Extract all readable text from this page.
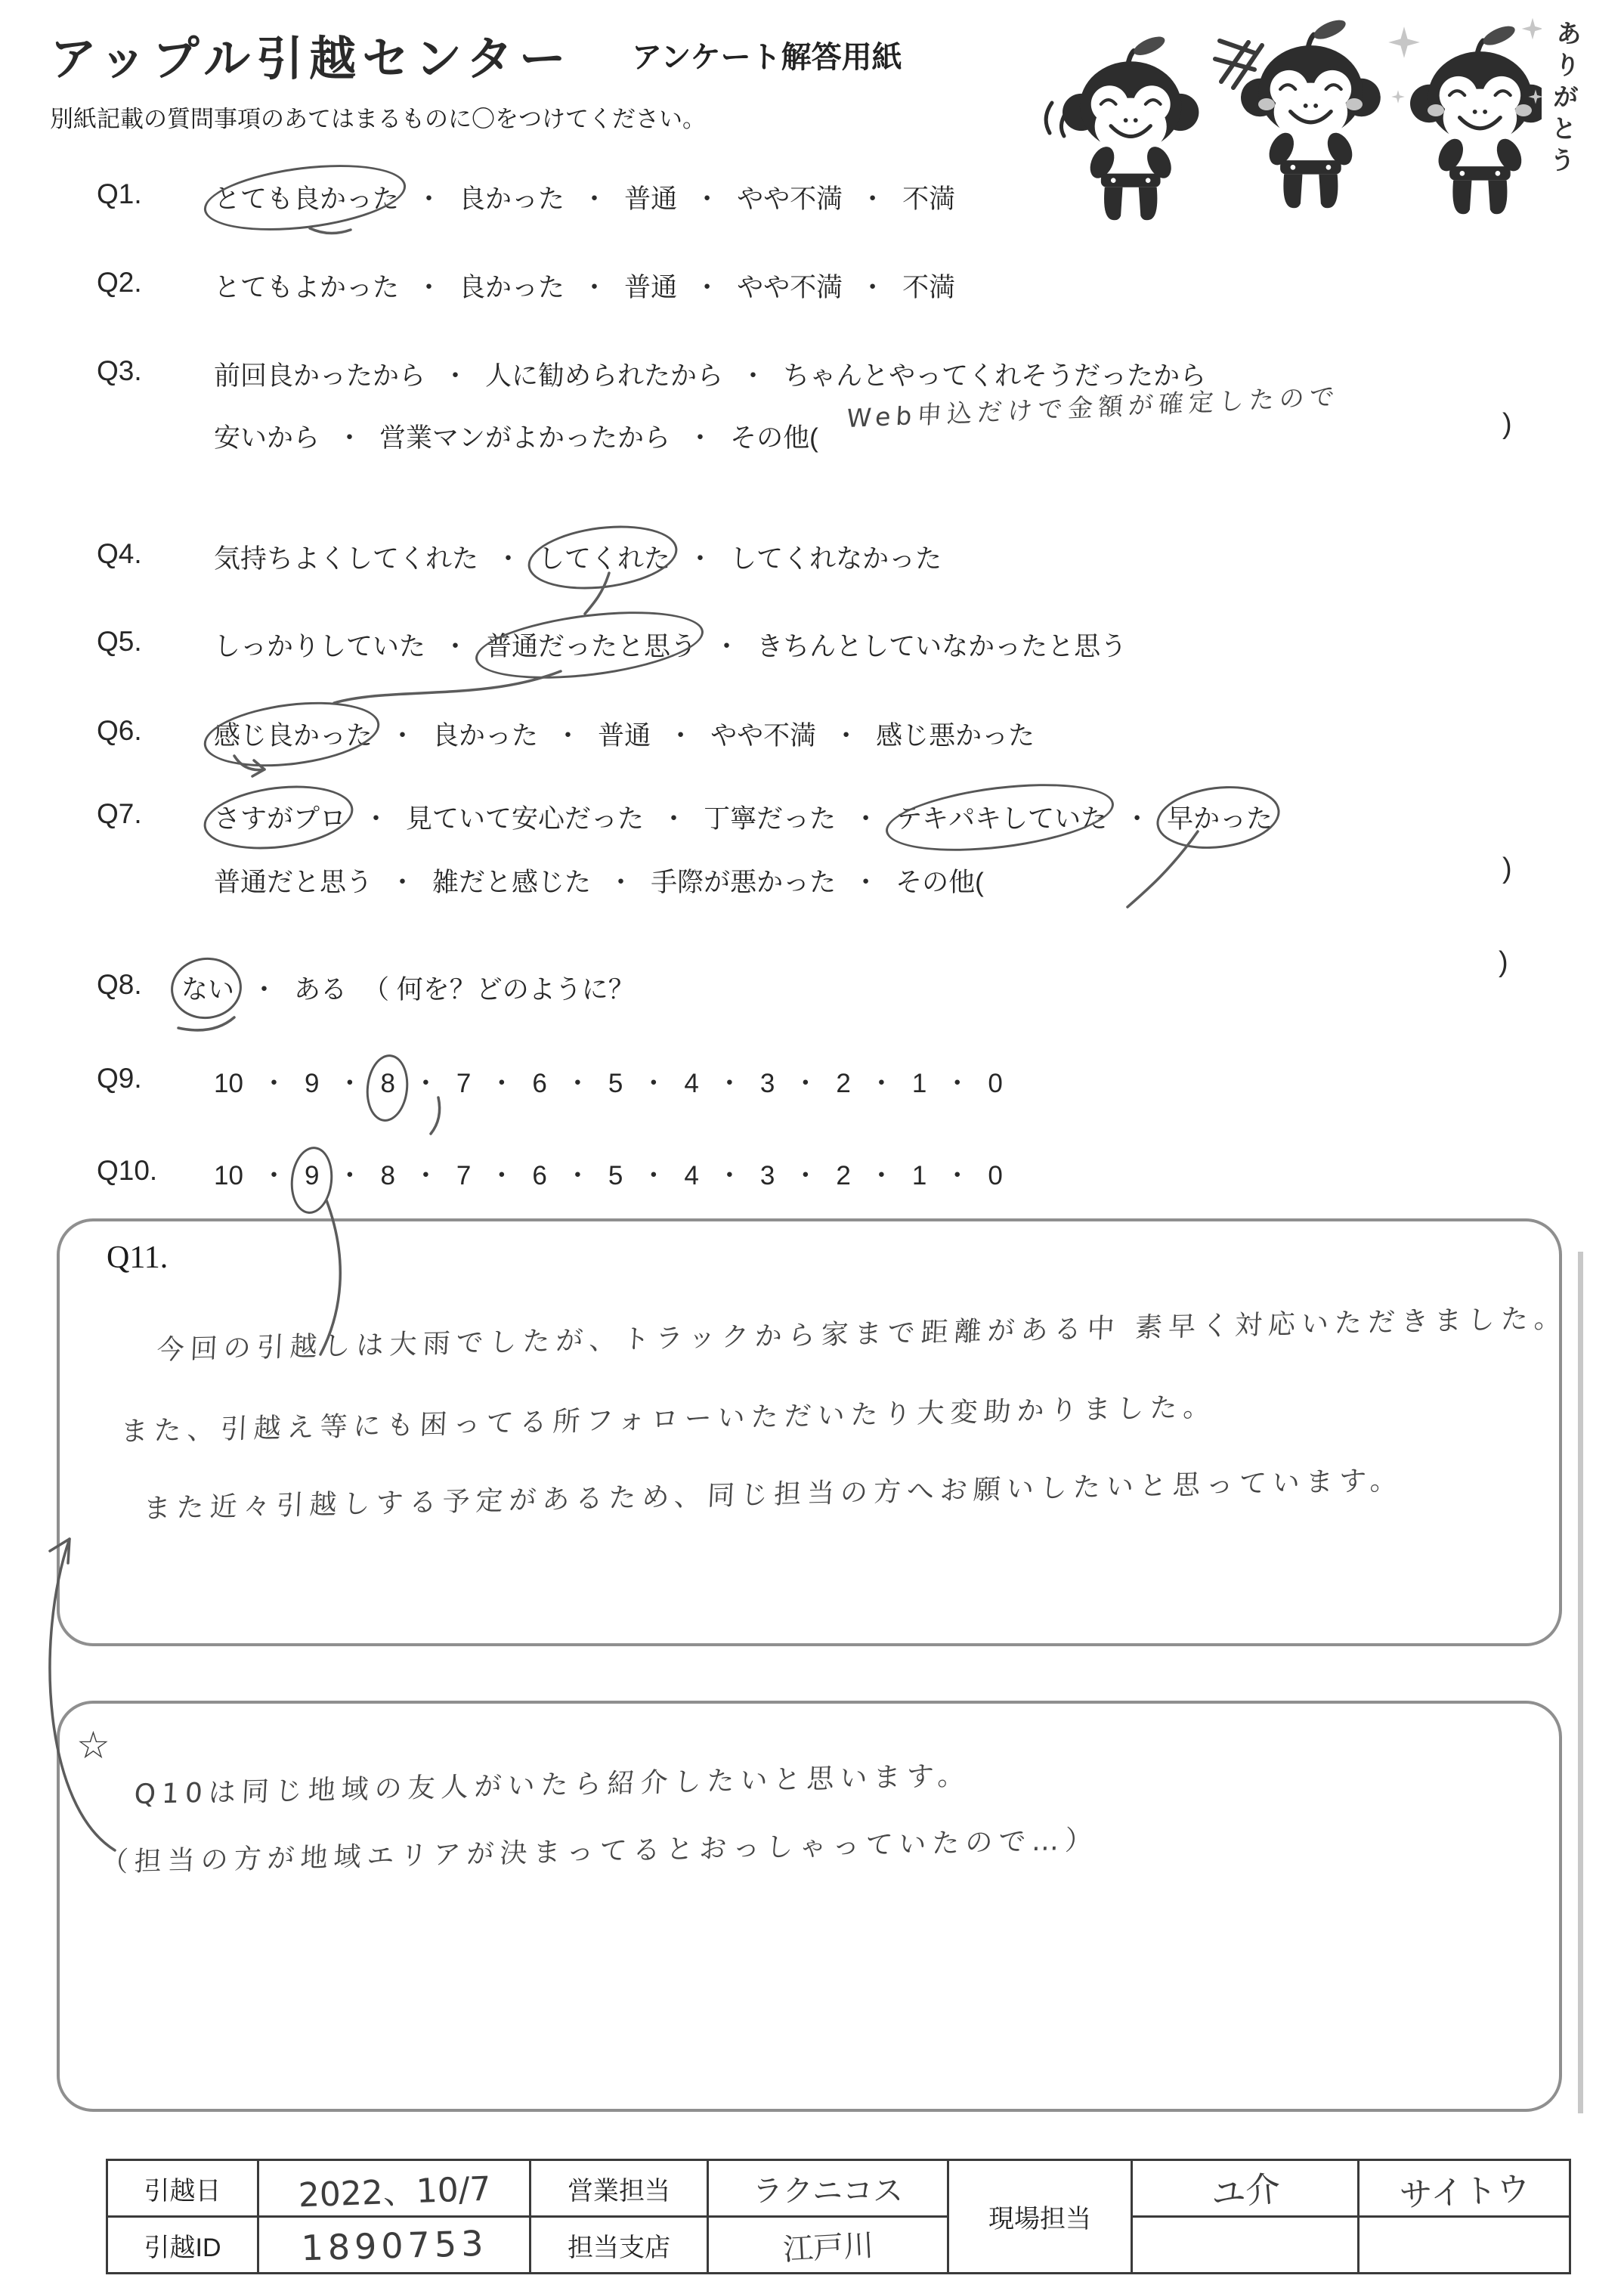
アップル引越センター アンケート解答用紙
別紙記載の質問事項のあてはまるものに〇をつけてください。	ありがとう
Q1.	とても良かった ・ 良かった ・ 普通 ・ やや不満 ・ 不満
Q2.	とてもよかった ・ 良かった ・ 普通 ・ やや不満 ・ 不満
Q3.	前回良かったから ・ 人に勧められたから ・ ちゃんとやってくれそうだったから
安いから ・ 営業マンがよかったから ・ その他(
Web申込だけで金額が確定したので	)
Q4.	気持ちよくしてくれた ・ してくれた ・ してくれなかった
Q5.	しっかりしていた ・ 普通だったと思う ・ きちんとしていなかったと思う
Q6.	感じ良かった ・ 良かった ・ 普通 ・ やや不満 ・ 感じ悪かった
Q7.	さすがプロ ・ 見ていて安心だった ・ 丁寧だった ・ テキパキしていた ・ 早かった
普通だと思う ・ 雑だと感じた ・ 手際が悪かった ・ その他(	)
Q8. ない ・ ある （ 何を？どのように？
)
Q9.	10 ・ 9 ・ 8 ・ 7 ・ 6 ・ 5 ・ 4 ・ 3 ・ 2 ・ 1 ・ 0
Q10. 10 ・ 9 ・ 8 ・ 7 ・ 6 ・ 5 ・ 4 ・ 3 ・ 2 ・ 1 ・ 0
Q11.
今回の引越しは大雨でしたが、トラックから家まで距離がある中 素早く対応いただきました。
また、引越え等にも困ってる所フォローいただいたり大変助かりました。
また近々引越しする予定があるため、同じ担当の方へお願いしたいと思っています。
☆
Q10は同じ地域の友人がいたら紹介したいと思います。
（担当の方が地域エリアが決まってるとおっしゃっていたので…）
引越日	2022、10/7	営業担当	ラクニコス	現場担当	ユ介	サイトウ
引越ID	1890753	担当支店	江戸川			
